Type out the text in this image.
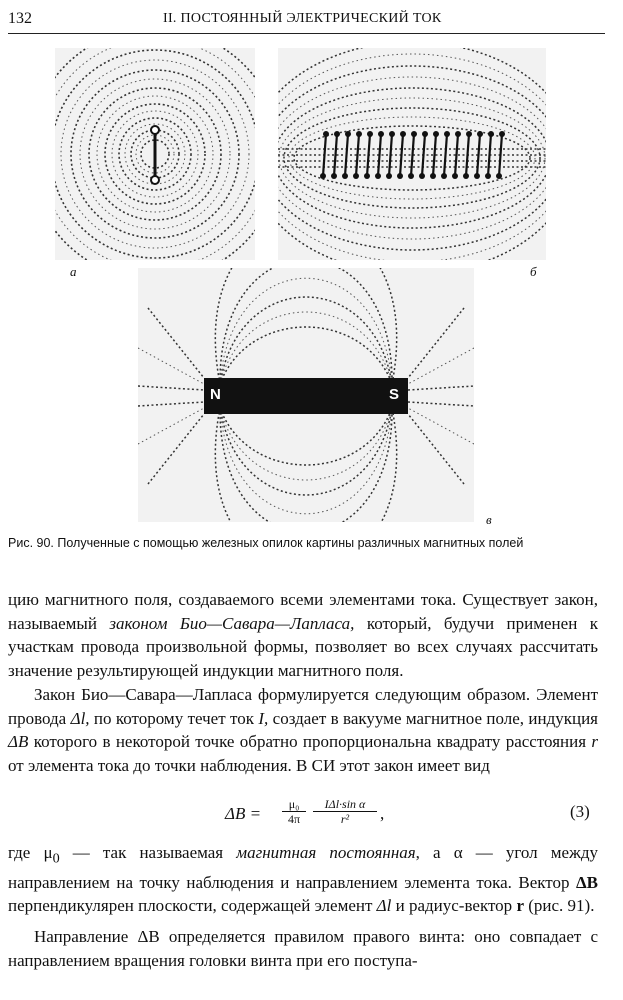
132	II. ПОСТОЯННЫЙ ЭЛЕКТРИЧЕСКИЙ ТОК
N	S
а	б
в
Рис. 90. Полученные с помощью железных опилок картины различных магнитных полей

цию магнитного поля, создаваемого всеми элементами тока. Существует закон, называемый законом Био—Савара—Лапласа, который, будучи применен к участкам провода произвольной формы, позволяет во всех случаях рассчитать значение результирующей индукции магнитного поля.

Закон Био—Савара—Лапласа формулируется следующим образом. Элемент провода Δl, по которому течет ток I, создает в вакууме магнитное поле, индукция ΔB которого в некоторой точке обратно пропорциональна квадрату расстояния r от элемента тока до точки наблюдения. В СИ этот закон имеет вид

ΔB =	μ₀
4π
IΔl·sin α
r²	,	(3)

где $\mu_0$ — так называемая магнитная постоянная, а α — угол между направлением на точку наблюдения и направлением элемента тока. Вектор ΔB перпендикулярен плоскости, содержащей элемент Δl и радиус-вектор r (рис. 91).

Направление ΔB определяется правилом правого винта: оно совпадает с направлением вращения головки винта при его поступа-
